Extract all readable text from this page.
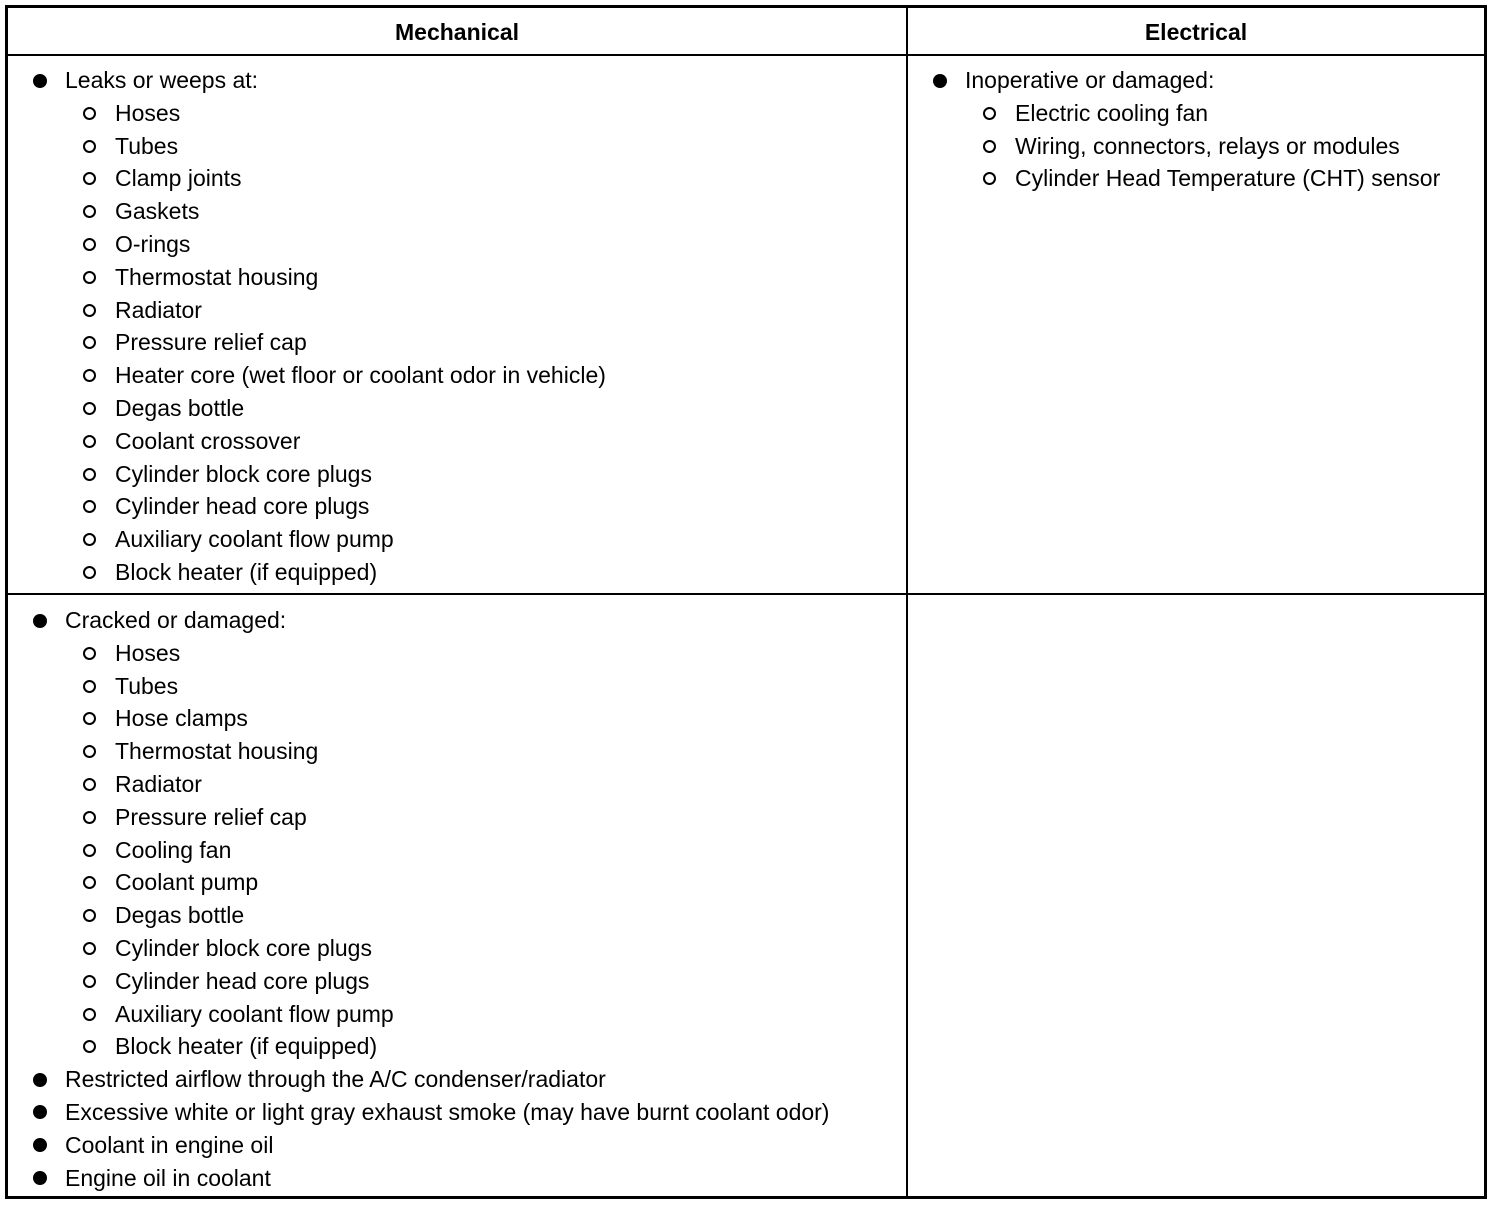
Mechanical	Electrical
Leaks or weeps at:
Hoses
Tubes
Clamp joints
Gaskets
O-rings
Thermostat housing
Radiator
Pressure relief cap
Heater core (wet floor or coolant odor in vehicle)
Degas bottle
Coolant crossover
Cylinder block core plugs
Cylinder head core plugs
Auxiliary coolant flow pump
Block heater (if equipped)
Inoperative or damaged:
Electric cooling fan
Wiring, connectors, relays or modules
Cylinder Head Temperature (CHT) sensor
Cracked or damaged:
Hoses
Tubes
Hose clamps
Thermostat housing
Radiator
Pressure relief cap
Cooling fan
Coolant pump
Degas bottle
Cylinder block core plugs
Cylinder head core plugs
Auxiliary coolant flow pump
Block heater (if equipped)
Restricted airflow through the A/C condenser/radiator
Excessive white or light gray exhaust smoke (may have burnt coolant odor)
Coolant in engine oil
Engine oil in coolant
